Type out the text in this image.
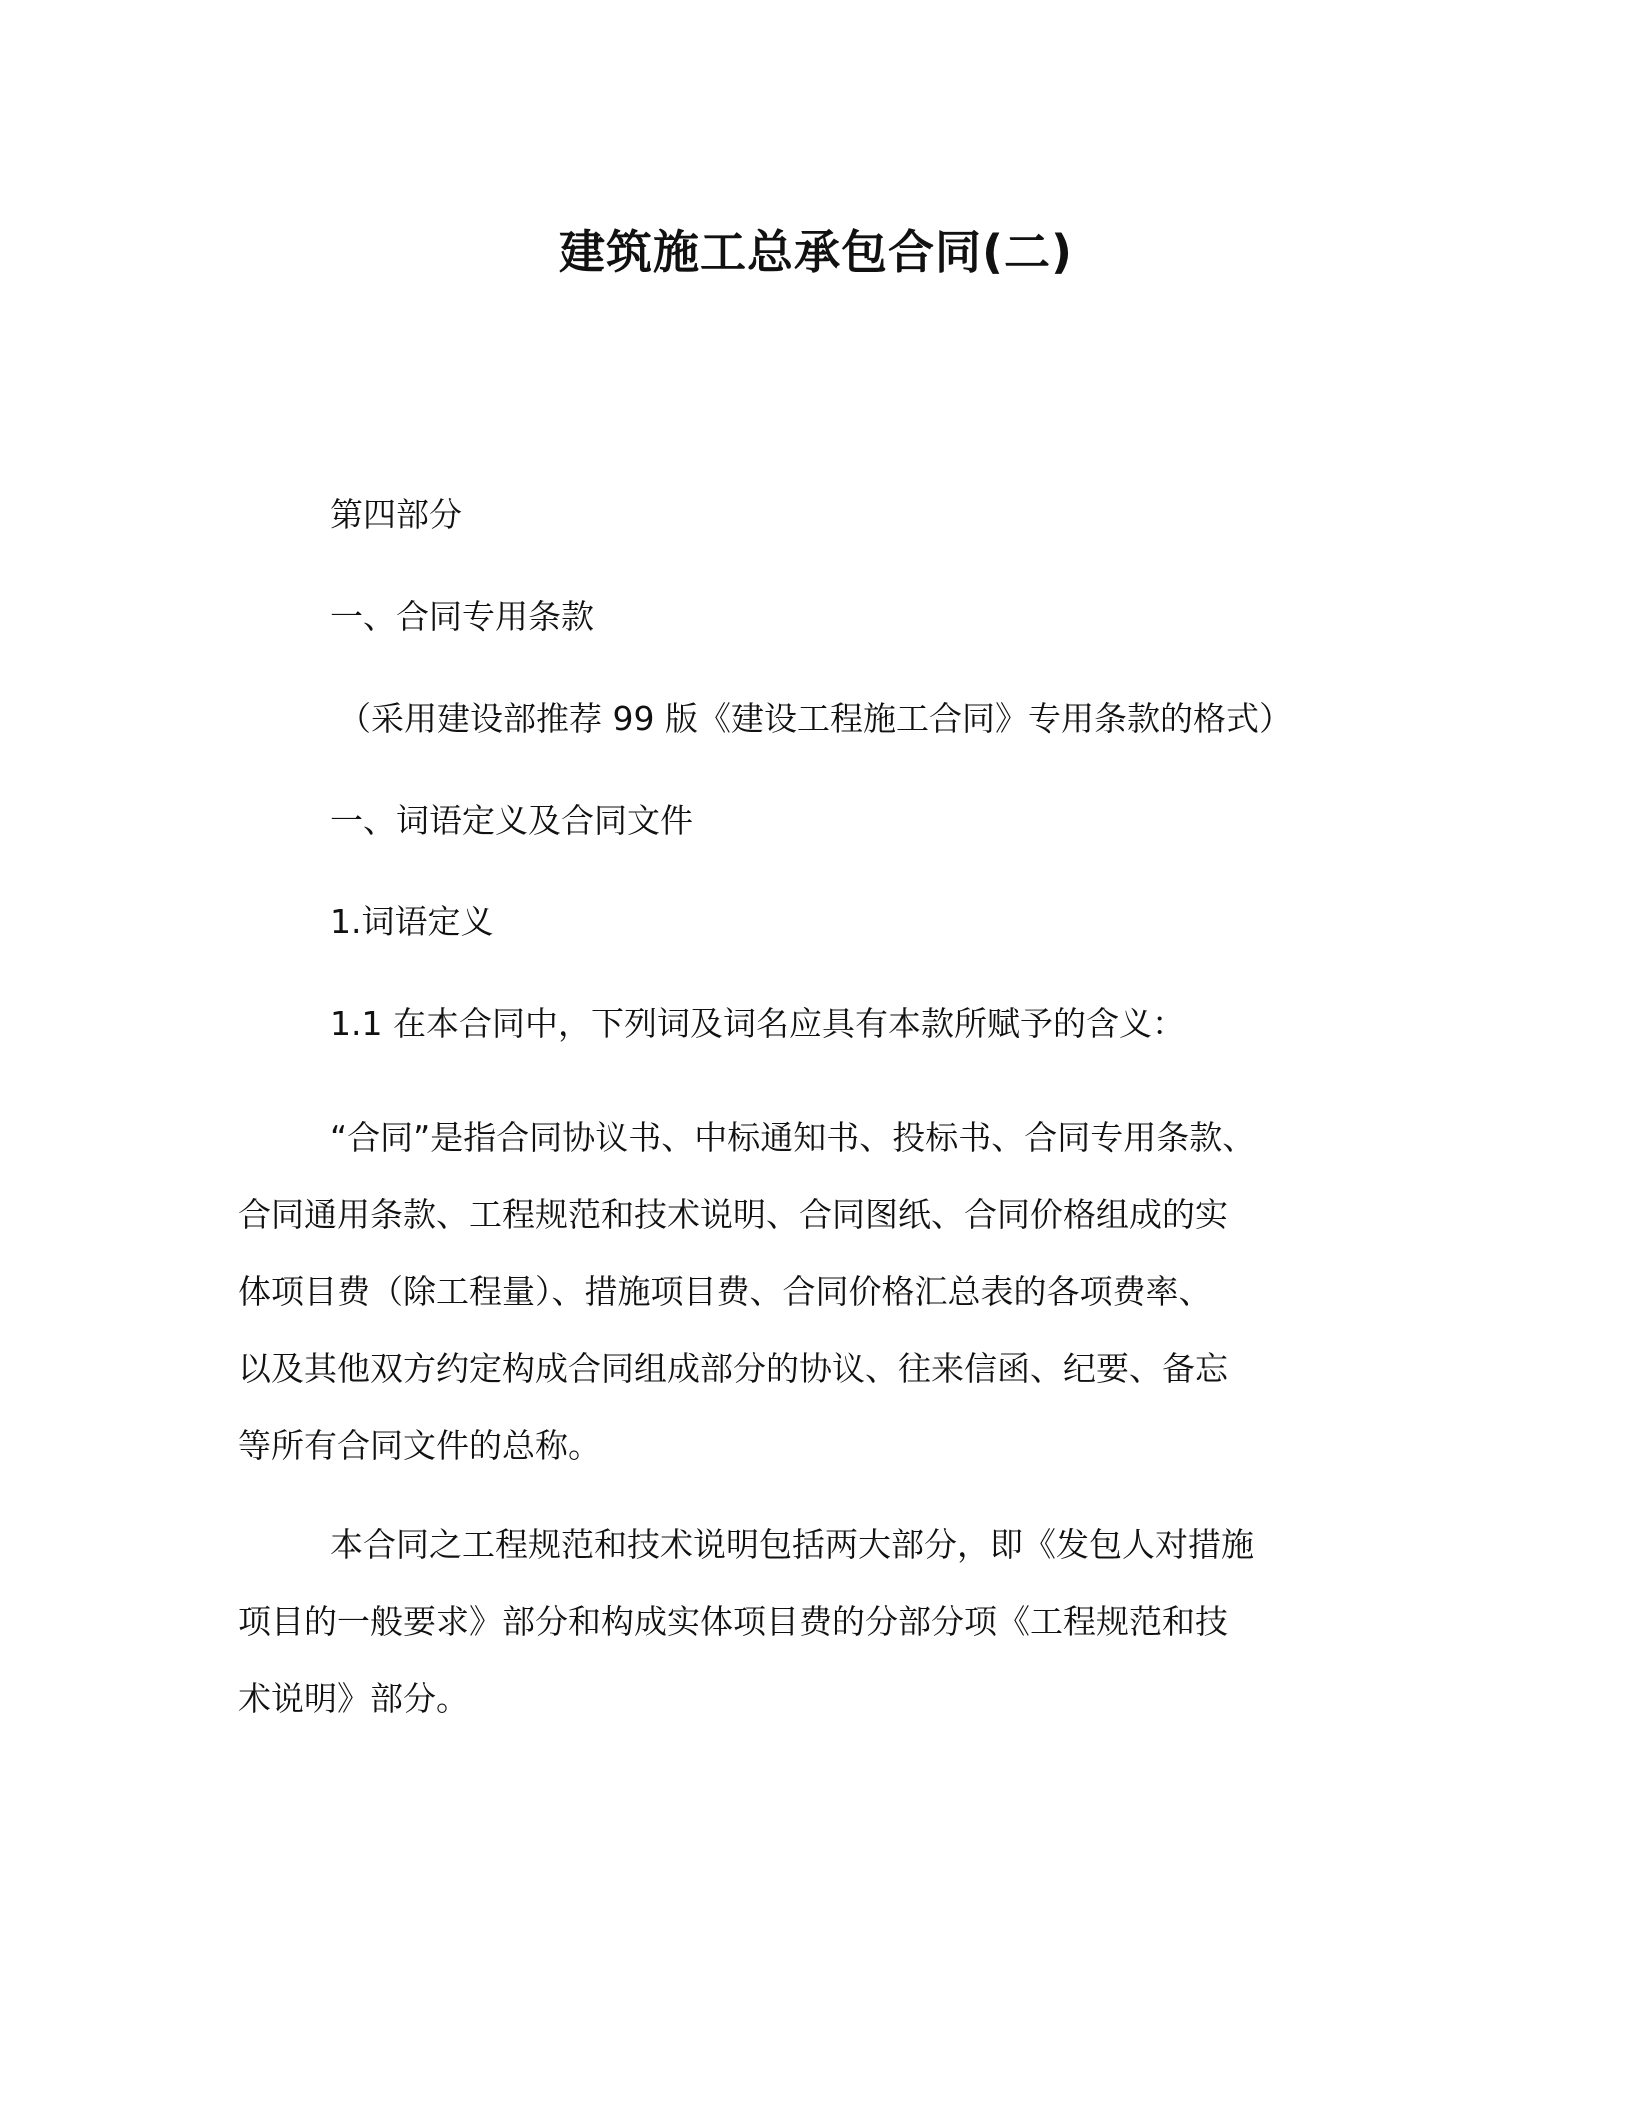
建筑施工总承包合同(二)
第四部分
一、合同专用条款
（采用建设部推荐 99 版《建设工程施工合同》专用条款的格式）
一、词语定义及合同文件
1.词语定义
1.1 在本合同中，下列词及词名应具有本款所赋予的含义：
“合同”是指合同协议书、中标通知书、投标书、合同专用条款、
合同通用条款、工程规范和技术说明、合同图纸、合同价格组成的实
体项目费（除工程量）、措施项目费、合同价格汇总表的各项费率、
以及其他双方约定构成合同组成部分的协议、往来信函、纪要、备忘
等所有合同文件的总称。
本合同之工程规范和技术说明包括两大部分，即《发包人对措施
项目的一般要求》部分和构成实体项目费的分部分项《工程规范和技
术说明》部分。
